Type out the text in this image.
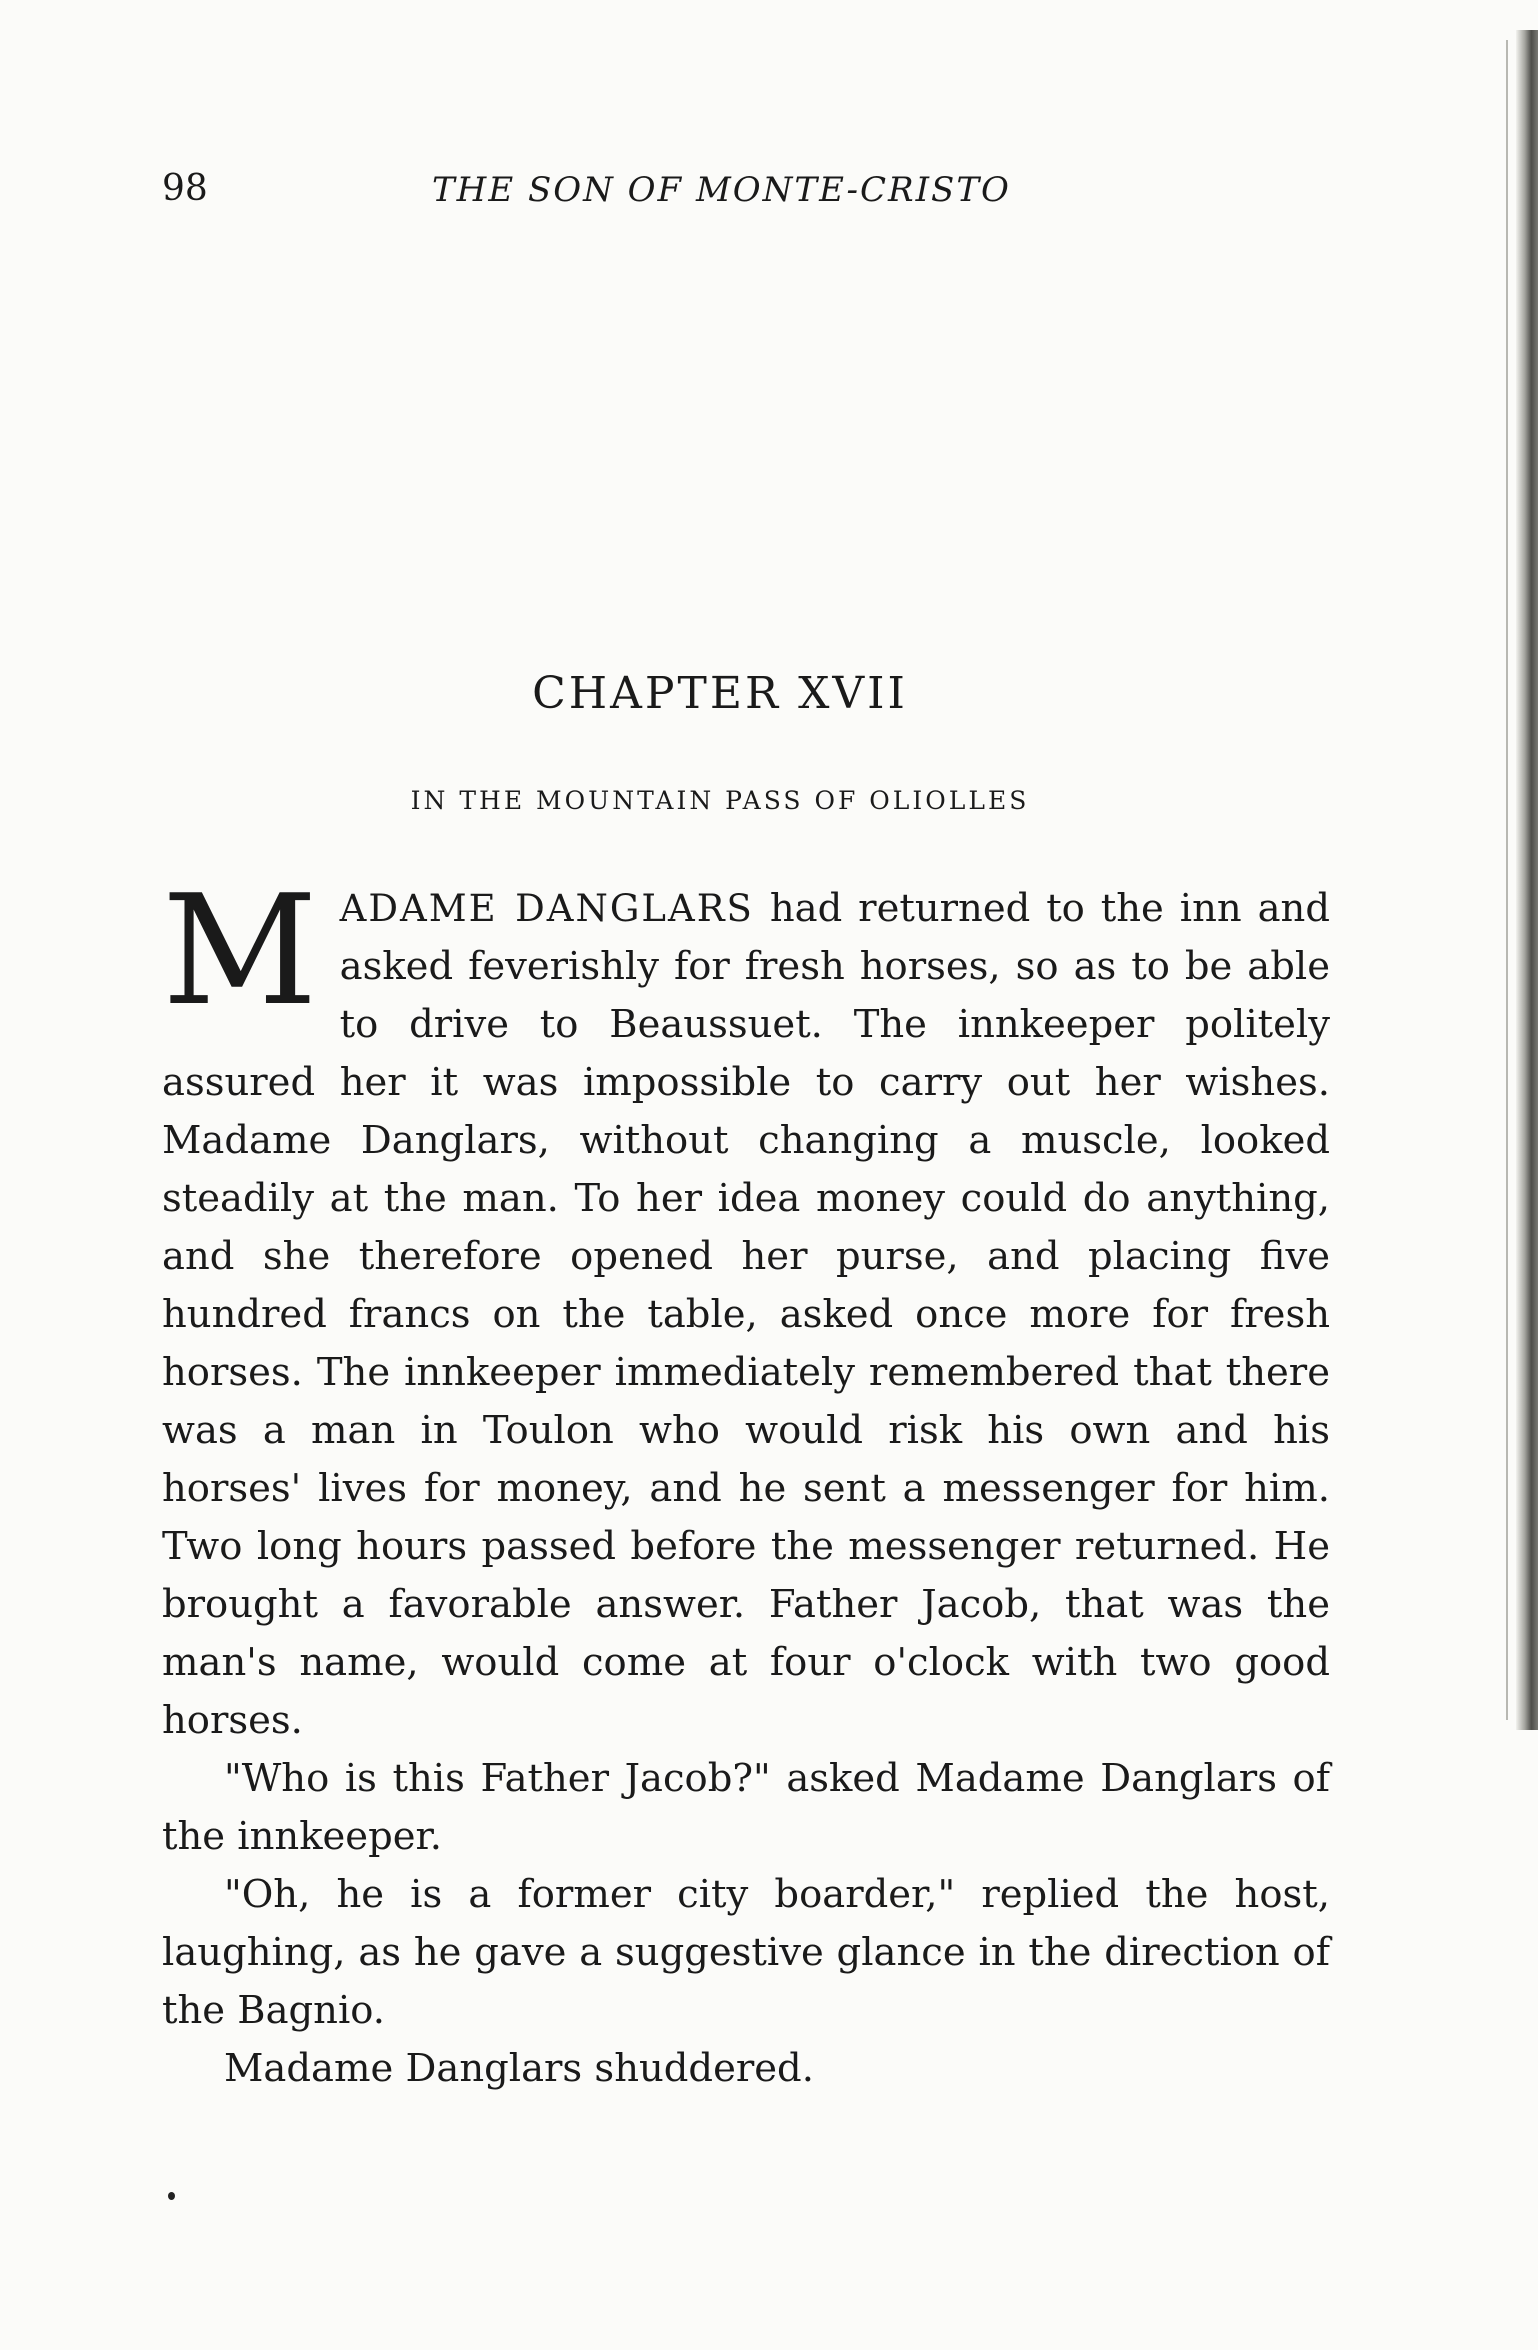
98	THE SON OF MONTE-CRISTO
CHAPTER XVII
IN THE MOUNTAIN PASS OF OLIOLLES

MADAME DANGLARS had returned to the inn and asked feverishly for fresh horses, so as to be able to drive to Beaussuet. The innkeeper politely assured her it was impossible to carry out her wishes. Madame Danglars, without changing a muscle, looked steadily at the man. To her idea money could do anything, and she therefore opened her purse, and placing five hundred francs on the table, asked once more for fresh horses. The innkeeper immediately remembered that there was a man in Toulon who would risk his own and his horses' lives for money, and he sent a messenger for him. Two long hours passed before the messenger returned. He brought a favorable answer. Father Jacob, that was the man's name, would come at four o'clock with two good horses.

"Who is this Father Jacob?" asked Madame Danglars of the innkeeper.

"Oh, he is a former city boarder," replied the host, laughing, as he gave a suggestive glance in the direction of the Bagnio.

Madame Danglars shuddered.
